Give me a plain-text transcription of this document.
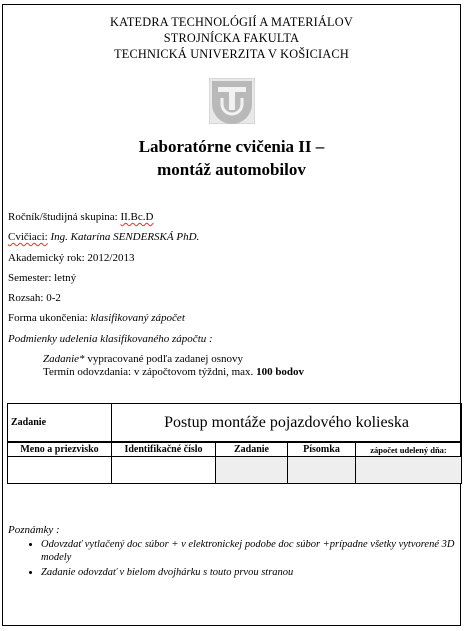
KATEDRA TECHNOLÓGIÍ A MATERIÁLOV
STROJNÍCKA FAKULTA
TECHNICKÁ UNIVERZITA V KOŠICIACH
Laboratórne cvičenia II –
montáž automobilov
Ročník/študijná skupina: II.Bc.D
Cvičiaci: Ing. Katarína SENDERSKÁ PhD.
Akademický rok: 2012/2013
Semester: letný
Rozsah: 0-2
Forma ukončenia: klasifikovaný zápočet
Podmienky udelenia klasifikovaného zápočtu :
Zadanie* vypracované podľa zadanej osnovy
Termín odovzdania: v zápočtovom týždni, max. 100 bodov
Zadanie	Postup montáže pojazdového kolieska
Meno a priezvisko	Identifikačné číslo	Zadanie	Písomka	zápočet udelený dňa:

Poznámky :
• Odovzdať vytlačený doc súbor + v elektronickej podobe doc súbor +prípadne všetky vytvorené 3D modely
• Zadanie odovzdať v bielom dvojhárku s touto prvou stranou
